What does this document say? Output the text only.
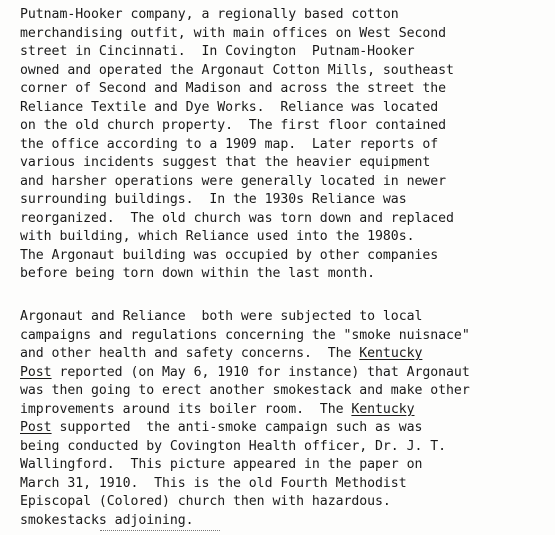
Putnam-Hooker company, a regionally based cotton
merchandising outfit, with main offices on West Second
street in Cincinnati.  In Covington  Putnam-Hooker
owned and operated the Argonaut Cotton Mills, southeast
corner of Second and Madison and across the street the
Reliance Textile and Dye Works.  Reliance was located
on the old church property.  The first floor contained
the office according to a 1909 map.  Later reports of
various incidents suggest that the heavier equipment
and harsher operations were generally located in newer
surrounding buildings.  In the 1930s Reliance was
reorganized.  The old church was torn down and replaced
with building, which Reliance used into the 1980s.
The Argonaut building was occupied by other companies
before being torn down within the last month.
Argonaut and Reliance  both were subjected to local
campaigns and regulations concerning the "smoke nuisnace"
and other health and safety concerns.  The Kentucky
Post reported (on May 6, 1910 for instance) that Argonaut
was then going to erect another smokestack and make other
improvements around its boiler room.  The Kentucky
Post supported  the anti-smoke campaign such as was
being conducted by Covington Health officer, Dr. J. T.
Wallingford.  This picture appeared in the paper on
March 31, 1910.  This is the old Fourth Methodist
Episcopal (Colored) church then with hazardous.
smokestacks adjoining.
